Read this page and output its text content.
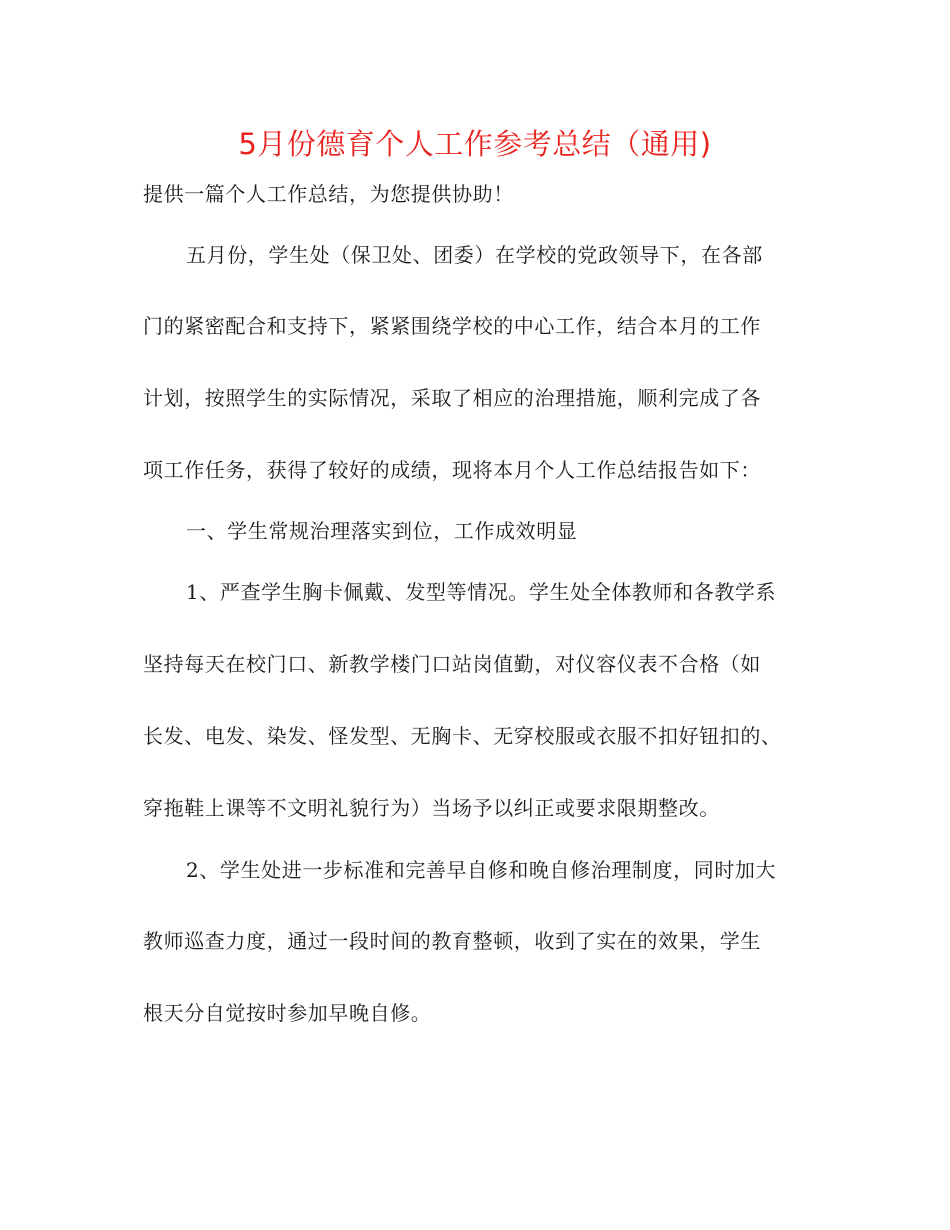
5月份德育个人工作参考总结（通用)
提供一篇个人工作总结，为您提供协助！
五月份，学生处（保卫处、团委）在学校的党政领导下，在各部
门的紧密配合和支持下，紧紧围绕学校的中心工作，结合本月的工作
计划，按照学生的实际情况，采取了相应的治理措施，顺利完成了各
项工作任务，获得了较好的成绩，现将本月个人工作总结报告如下：
一、学生常规治理落实到位，工作成效明显
1、严查学生胸卡佩戴、发型等情况。学生处全体教师和各教学系
坚持每天在校门口、新教学楼门口站岗值勤，对仪容仪表不合格（如
长发、电发、染发、怪发型、无胸卡、无穿校服或衣服不扣好钮扣的、
穿拖鞋上课等不文明礼貌行为）当场予以纠正或要求限期整改。
2、学生处进一步标准和完善早自修和晚自修治理制度，同时加大
教师巡查力度，通过一段时间的教育整顿，收到了实在的效果，学生
根天分自觉按时参加早晚自修。
